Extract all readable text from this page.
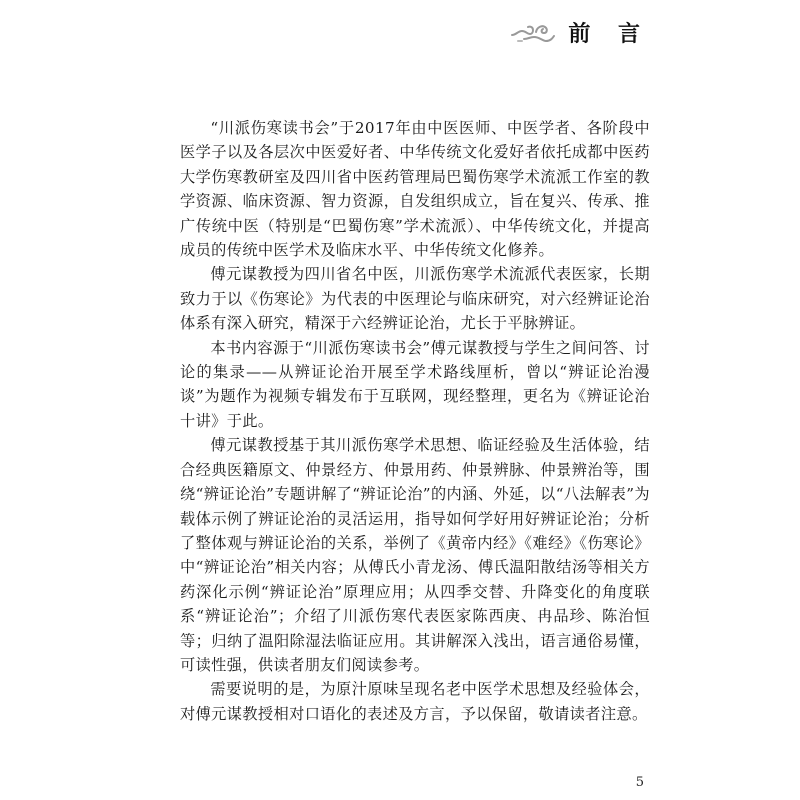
前 言

“川派伤寒读书会”于2017年由中医医师、中医学者、各阶段中医学子以及各层次中医爱好者、中华传统文化爱好者依托成都中医药大学伤寒教研室及四川省中医药管理局巴蜀伤寒学术流派工作室的教学资源、临床资源、智力资源，自发组织成立，旨在复兴、传承、推广传统中医（特别是“巴蜀伤寒”学术流派）、中华传统文化，并提高成员的传统中医学术及临床水平、中华传统文化修养。

傅元谋教授为四川省名中医，川派伤寒学术流派代表医家，长期致力于以《伤寒论》为代表的中医理论与临床研究，对六经辨证论治体系有深入研究，精深于六经辨证论治，尤长于平脉辨证。

本书内容源于“川派伤寒读书会”傅元谋教授与学生之间问答、讨论的集录——从辨证论治开展至学术路线厘析，曾以“辨证论治漫谈”为题作为视频专辑发布于互联网，现经整理，更名为《辨证论治十讲》于此。

傅元谋教授基于其川派伤寒学术思想、临证经验及生活体验，结合经典医籍原文、仲景经方、仲景用药、仲景辨脉、仲景辨治等，围绕“辨证论治”专题讲解了“辨证论治”的内涵、外延，以“八法解表”为载体示例了辨证论治的灵活运用，指导如何学好用好辨证论治；分析了整体观与辨证论治的关系，举例了《黄帝内经》《难经》《伤寒论》中“辨证论治”相关内容；从傅氏小青龙汤、傅氏温阳散结汤等相关方药深化示例“辨证论治”原理应用；从四季交替、升降变化的角度联系“辨证论治”；介绍了川派伤寒代表医家陈西庚、冉品珍、陈治恒等；归纳了温阳除湿法临证应用。其讲解深入浅出，语言通俗易懂，可读性强，供读者朋友们阅读参考。

需要说明的是，为原汁原味呈现名老中医学术思想及经验体会，对傅元谋教授相对口语化的表述及方言，予以保留，敬请读者注意。

5
